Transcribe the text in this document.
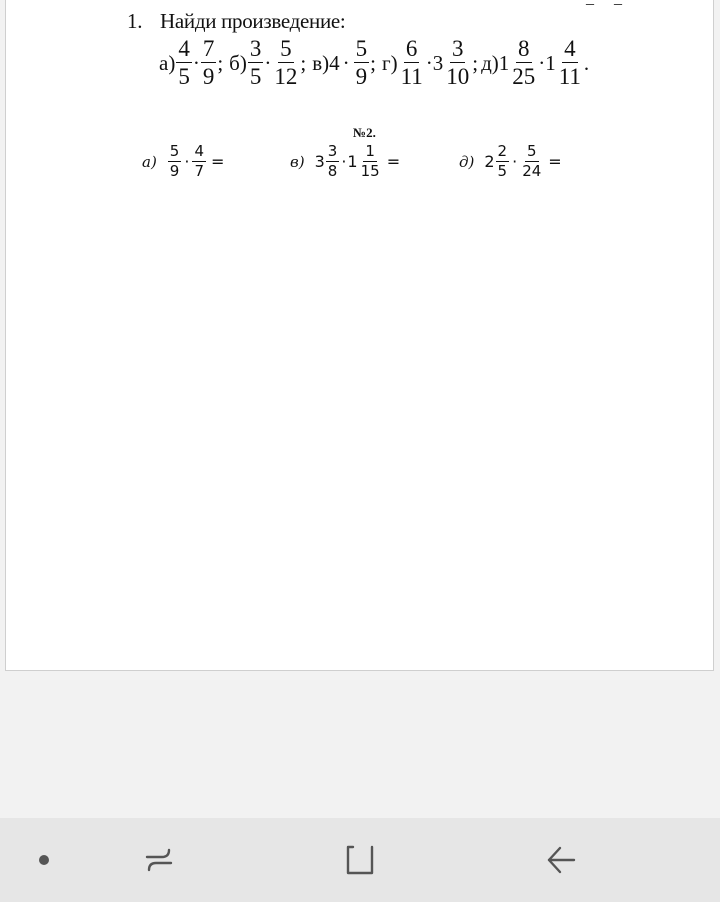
1. Найди произведение:
$а) \frac{4}{5} \cdot \frac{7}{9}$ ; $б) \frac{3}{5} \cdot \frac{5}{12}$ ; в) $4 \cdot \frac{5}{9}$ ; $г) \frac{6}{11} \cdot 3 \frac{3}{10}$ ; д) $1 \frac{8}{25} \cdot 1 \frac{4}{11}$ .
№2.
$а) \frac{5}{9} \cdot \frac{4}{7}$ =	в) $3 \frac{3}{8} \cdot 1 \frac{1}{15}$ =	д) $2 \frac{2}{5} \cdot \frac{5}{24}$ =
